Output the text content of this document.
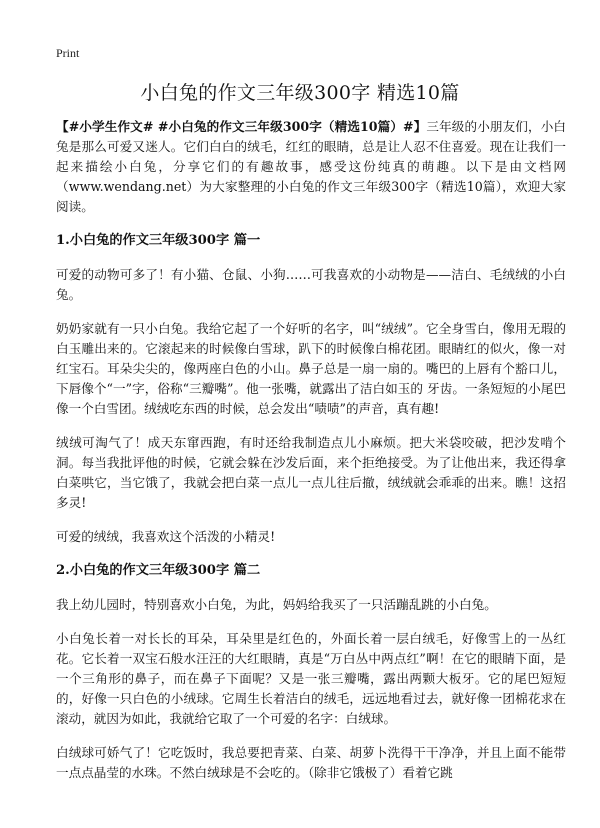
Print
小白兔的作文三年级300字 精选10篇

【#小学生作文# #小白兔的作文三年级300字（精选10篇）#】三年级的小朋友们，小白兔是那么可爱又迷人。它们白白的绒毛，红红的眼睛，总是让人忍不住喜爱。现在让我们一起来描绘小白兔，分享它们的有趣故事，感受这份纯真的萌趣。以下是由文档网（www.wendang.net）为大家整理的小白兔的作文三年级300字（精选10篇），欢迎大家阅读。

1.小白兔的作文三年级300字 篇一

可爱的动物可多了！有小猫、仓鼠、小狗……可我喜欢的小动物是——洁白、毛绒绒的小白兔。

奶奶家就有一只小白兔。我给它起了一个好听的名字，叫“绒绒”。它全身雪白，像用无瑕的白玉雕出来的。它滚起来的时候像白雪球，趴下的时候像白棉花团。眼睛红的似火，像一对红宝石。耳朵尖尖的，像两座白色的小山。鼻子总是一扇一扇的。嘴巴的上唇有个豁口儿，下唇像个“一”字，俗称“三瓣嘴”。他一张嘴，就露出了洁白如玉的 牙齿。一条短短的小尾巴像一个白雪团。绒绒吃东西的时候，总会发出“啧啧”的声音，真有趣!

绒绒可淘气了！成天东窜西跑，有时还给我制造点儿小麻烦。把大米袋咬破，把沙发啃个洞。每当我批评他的时候，它就会躲在沙发后面，来个拒绝接受。为了让他出来，我还得拿白菜哄它，当它饿了，我就会把白菜一点儿一点儿往后撤，绒绒就会乖乖的出来。瞧！这招多灵!

可爱的绒绒，我喜欢这个活泼的小精灵!

2.小白兔的作文三年级300字 篇二

我上幼儿园时，特别喜欢小白兔，为此，妈妈给我买了一只活蹦乱跳的小白兔。

小白兔长着一对长长的耳朵，耳朵里是红色的，外面长着一层白绒毛，好像雪上的一丛红花。它长着一双宝石般水汪汪的大红眼睛，真是“万白丛中两点红”啊！在它的眼睛下面，是一个三角形的鼻子，而在鼻子下面呢？又是一张三瓣嘴，露出两颗大板牙。它的尾巴短短的，好像一只白色的小绒球。它周生长着洁白的绒毛，远远地看过去，就好像一团棉花求在滚动，就因为如此，我就给它取了一个可爱的名字：白绒球。

白绒球可娇气了！它吃饭时，我总要把青菜、白菜、胡萝卜洗得干干净净，并且上面不能带一点点晶莹的水珠。不然白绒球是不会吃的。（除非它饿极了）看着它跳
